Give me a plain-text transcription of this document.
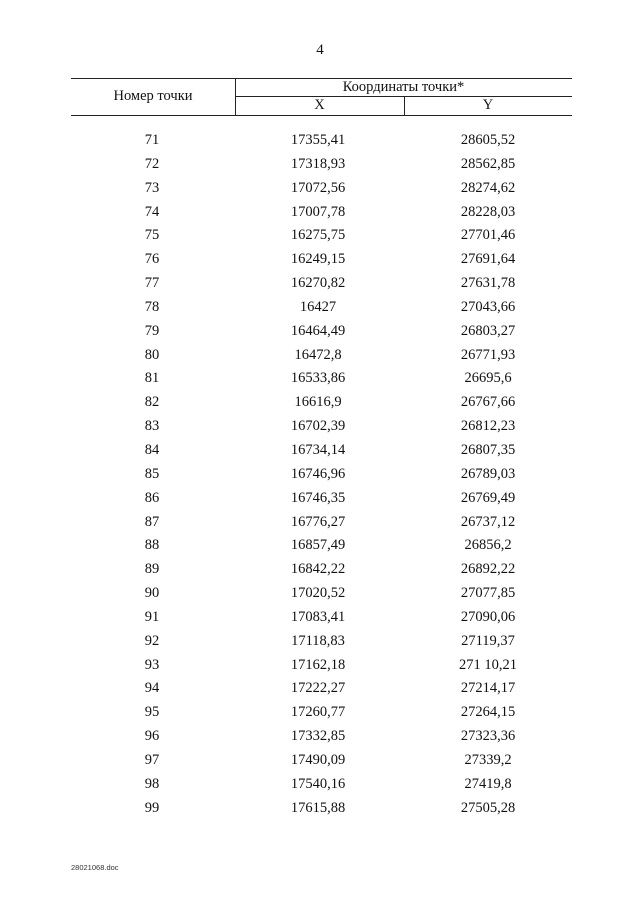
4
Номер точки
Координаты точки*
X	Y
71	17355,41	28605,52
72	17318,93	28562,85
73	17072,56	28274,62
74	17007,78	28228,03
75	16275,75	27701,46
76	16249,15	27691,64
77	16270,82	27631,78
78	16427	27043,66
79	16464,49	26803,27
80	16472,8	26771,93
81	16533,86	26695,6
82	16616,9	26767,66
83	16702,39	26812,23
84	16734,14	26807,35
85	16746,96	26789,03
86	16746,35	26769,49
87	16776,27	26737,12
88	16857,49	26856,2
89	16842,22	26892,22
90	17020,52	27077,85
91	17083,41	27090,06
92	17118,83	27119,37
93	17162,18	271 10,21
94	17222,27	27214,17
95	17260,77	27264,15
96	17332,85	27323,36
97	17490,09	27339,2
98	17540,16	27419,8
99	17615,88	27505,28
28021068.doc
